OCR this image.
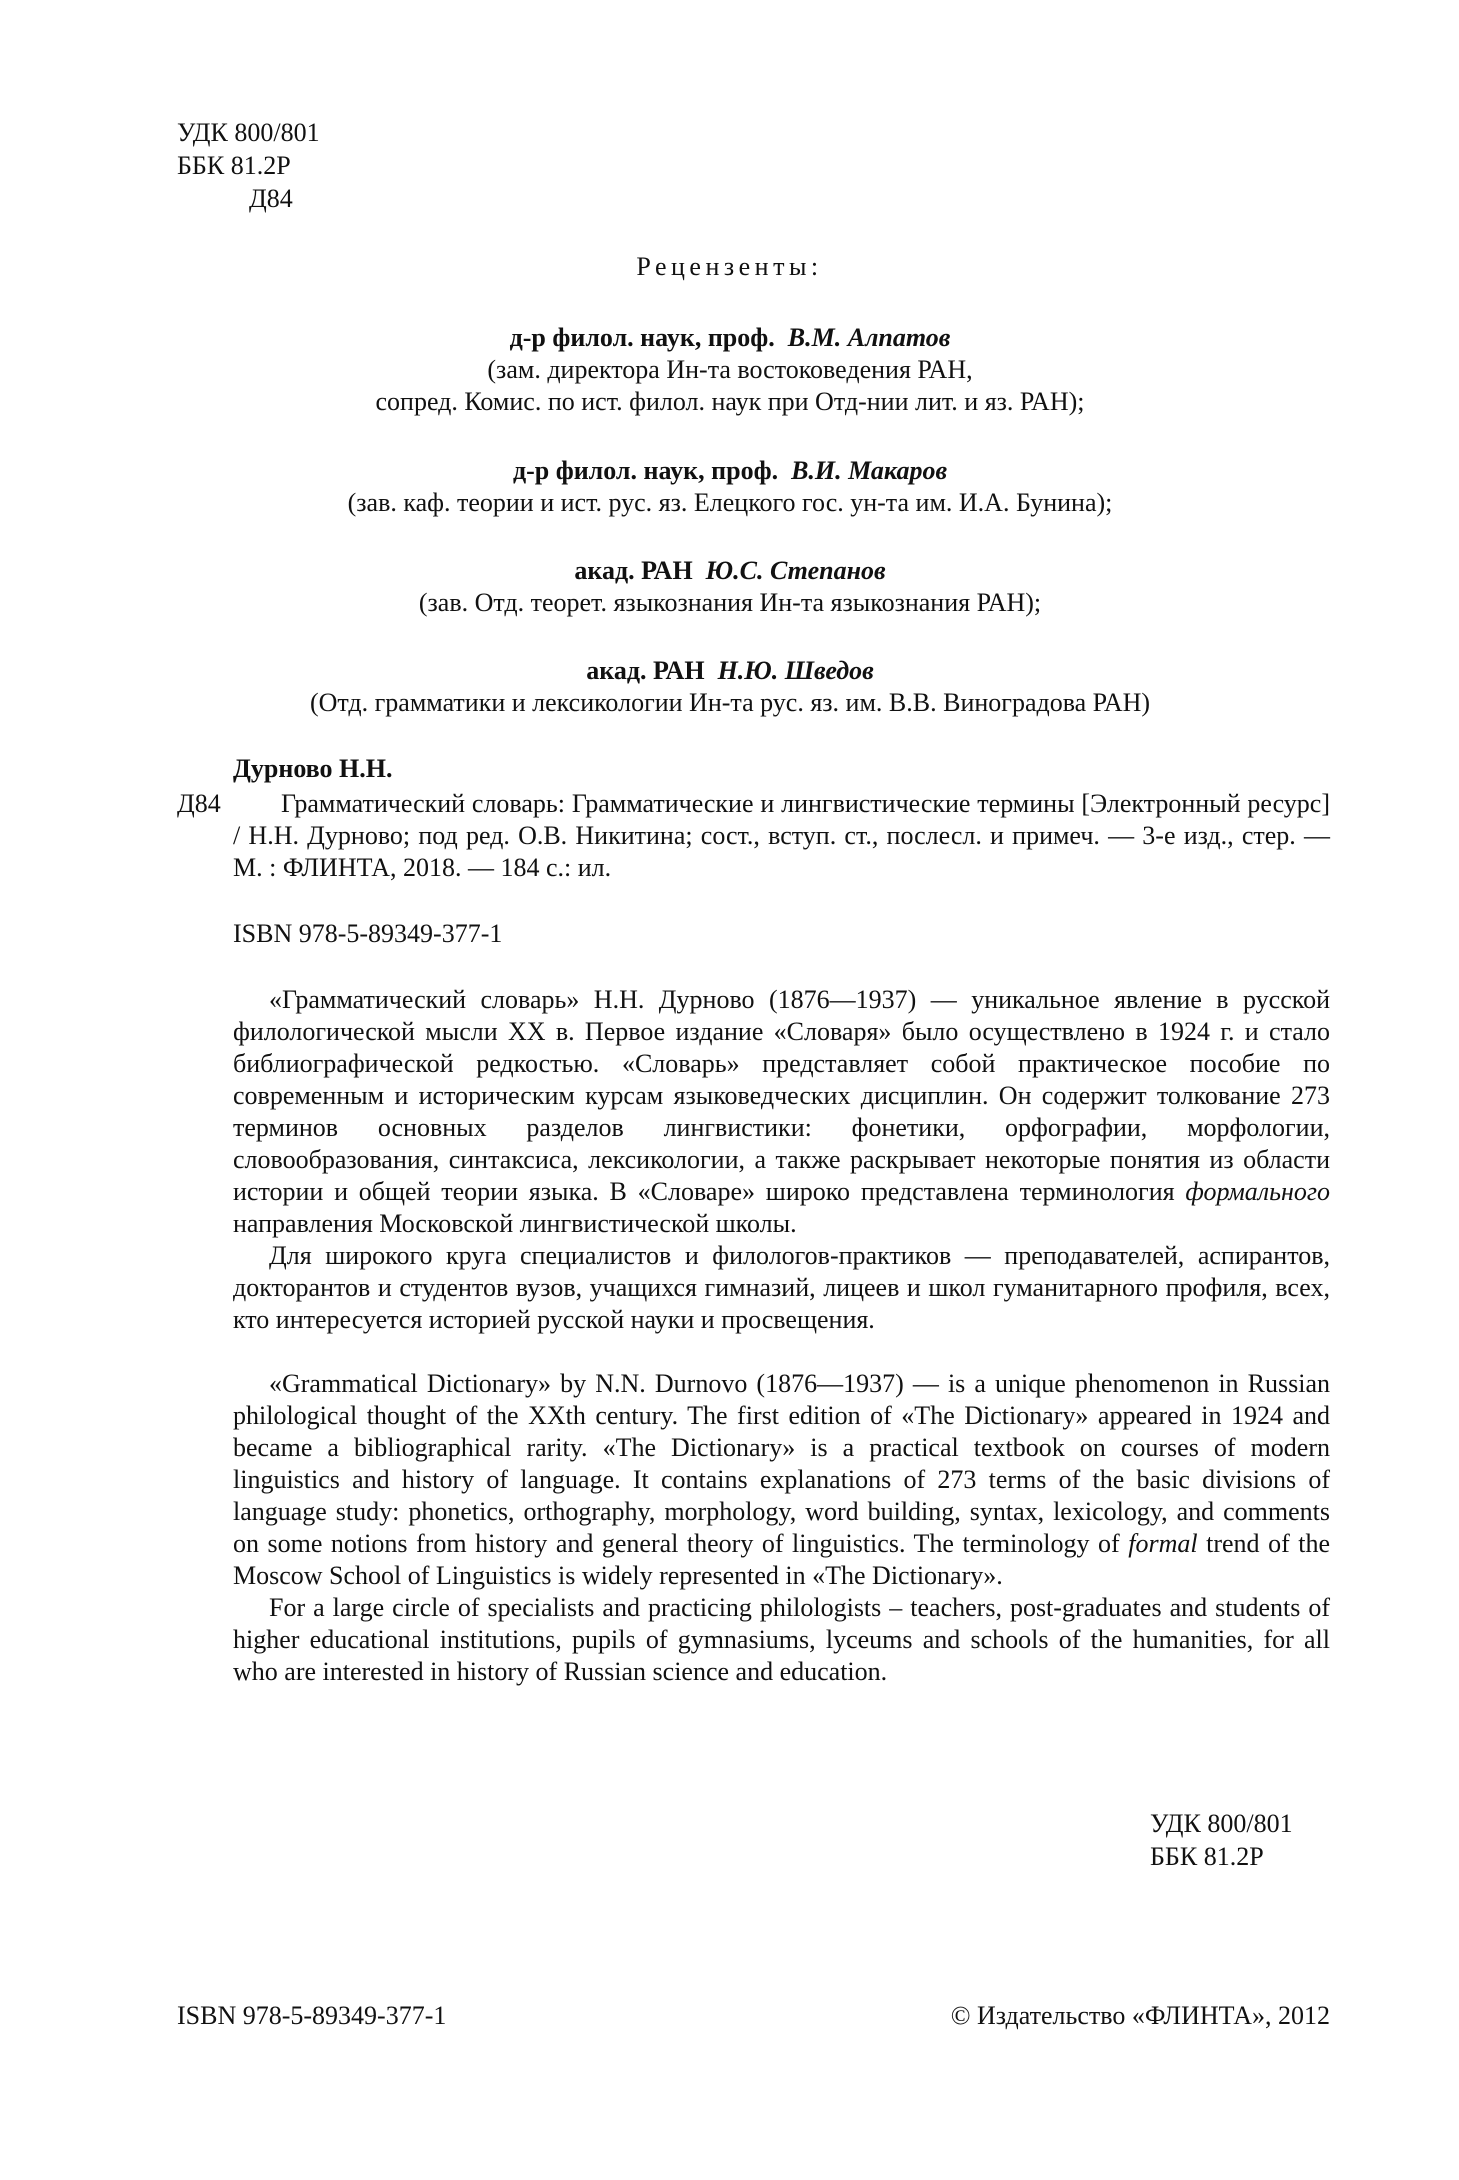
УДК 800/801
ББК 81.2Р
Д84
Рецензенты:
д-р филол. наук, проф. В.М. Алпатов
(зам. директора Ин-та востоковедения РАН,
сопред. Комис. по ист. филол. наук при Отд-нии лит. и яз. РАН);
д-р филол. наук, проф. В.И. Макаров
(зав. каф. теории и ист. рус. яз. Елецкого гос. ун-та им. И.А. Бунина);
акад. РАН Ю.С. Степанов
(зав. Отд. теорет. языкознания Ин-та языкознания РАН);
акад. РАН Н.Ю. Шведов
(Отд. грамматики и лексикологии Ин-та рус. яз. им. В.В. Виноградова РАН)
Дурново Н.Н.
Д84	Грамматический словарь: Грамматические и лингвистические термины [Электронный ресурс] / Н.Н. Дурново; под ред. О.В. Никитина; сост., вступ. ст., послесл. и примеч. — 3-е изд., стер. — М. : ФЛИНТА, 2018. — 184 с.: ил.
ISBN 978-5-89349-377-1

«Грамматический словарь» Н.Н. Дурново (1876—1937) — уникальное явление в русской филологической мысли XX в. Первое издание «Словаря» было осуществлено в 1924 г. и стало библиографической редкостью. «Словарь» представляет собой практическое пособие по современным и историческим курсам языковедческих дисциплин. Он содержит толкование 273 терминов основных разделов лингвистики: фонетики, орфографии, морфологии, словообразования, синтаксиса, лексикологии, а также раскрывает некоторые понятия из области истории и общей теории языка. В «Словаре» широко представлена терминология формального направления Московской лингвистической школы.

Для широкого круга специалистов и филологов-практиков — преподавателей, аспирантов, докторантов и студентов вузов, учащихся гимназий, лицеев и школ гуманитарного профиля, всех, кто интересуется историей русской науки и просвещения.

«Grammatical Dictionary» by N.N. Durnovo (1876—1937) — is a unique phenomenon in Russian philological thought of the XXth century. The first edition of «The Dictionary» appeared in 1924 and became a bibliographical rarity. «The Dictionary» is a practical textbook on courses of modern linguistics and history of language. It contains explanations of 273 terms of the basic divisions of language study: phonetics, orthography, morphology, word building, syntax, lexicology, and comments on some notions from history and general theory of linguistics. The terminology of formal trend of the Moscow School of Linguistics is widely represented in «The Dictionary».

For a large circle of specialists and practicing philologists – teachers, post-graduates and students of higher educational institutions, pupils of gymnasiums, lyceums and schools of the humanities, for all who are interested in history of Russian science and education.

УДК 800/801
ББК 81.2Р
ISBN 978-5-89349-377-1	© Издательство «ФЛИНТА», 2012
